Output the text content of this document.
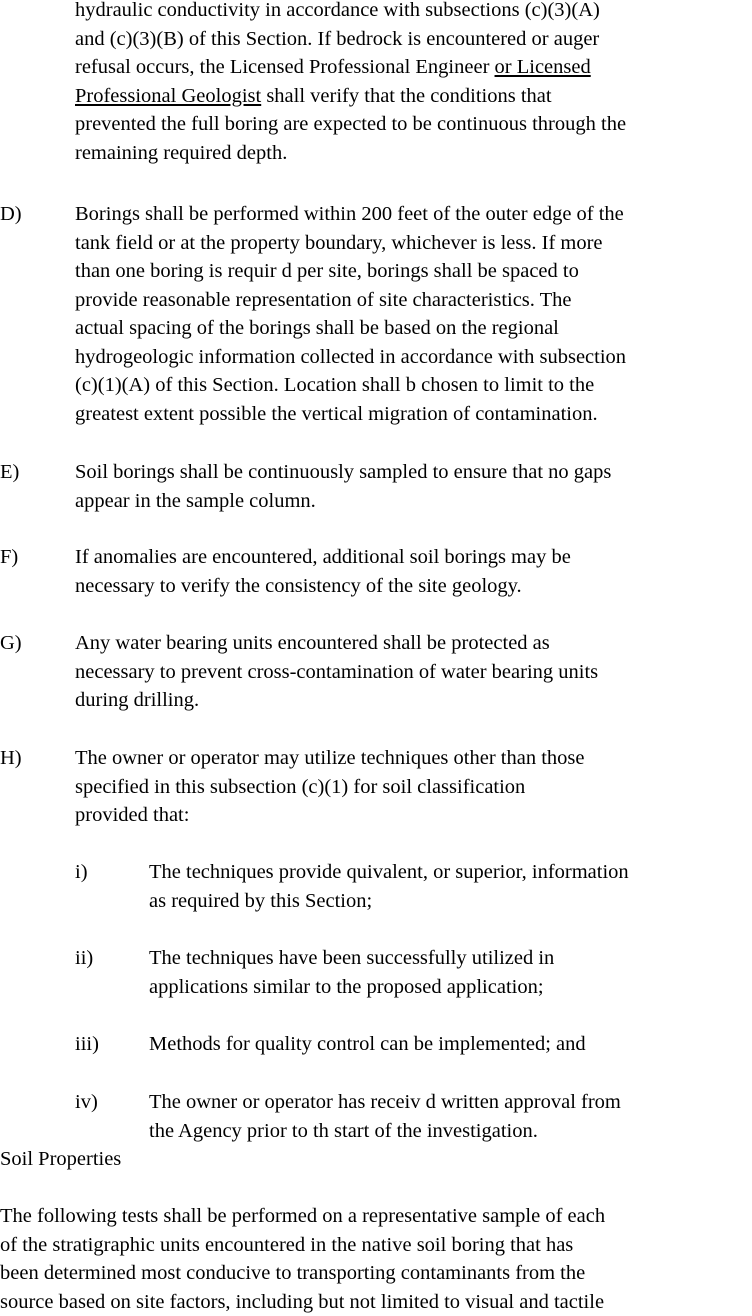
hydraulic conductivity in accordance with subsections (c)(3)(A)
and (c)(3)(B) of this Section. If bedrock is encountered or auger
refusal occurs, the Licensed Professional Engineer or Licensed
Professional Geologist shall verify that the conditions that
prevented the full boring are expected to be continuous through the
remaining required depth.
D)	Borings shall be performed within 200 feet of the outer edge of the
tank field or at the property boundary, whichever is less. If more
than one boring is requir d per site, borings shall be spaced to
provide reasonable representation of site characteristics. The
actual spacing of the borings shall be based on the regional
hydrogeologic information collected in accordance with subsection
(c)(1)(A) of this Section. Location shall b chosen to limit to the
greatest extent possible the vertical migration of contamination.
E)	Soil borings shall be continuously sampled to ensure that no gaps
appear in the sample column.
F)	If anomalies are encountered, additional soil borings may be
necessary to verify the consistency of the site geology.
G)	Any water bearing units encountered shall be protected as
necessary to prevent cross-contamination of water bearing units
during drilling.
H)	The owner or operator may utilize techniques other than those
specified in this subsection (c)(1) for soil classification
provided that:
i)	The techniques provide quivalent, or superior, information
as required by this Section;
ii)	The techniques have been successfully utilized in
applications similar to the proposed application;
iii) Methods for quality control can be implemented; and
iv) The owner or operator has receiv d written approval from
the Agency prior to th start of the investigation.
Soil Properties
The following tests shall be performed on a representative sample of each
of the stratigraphic units encountered in the native soil boring that has
been determined most conducive to transporting contaminants from the
source based on site factors, including but not limited to visual and tactile
